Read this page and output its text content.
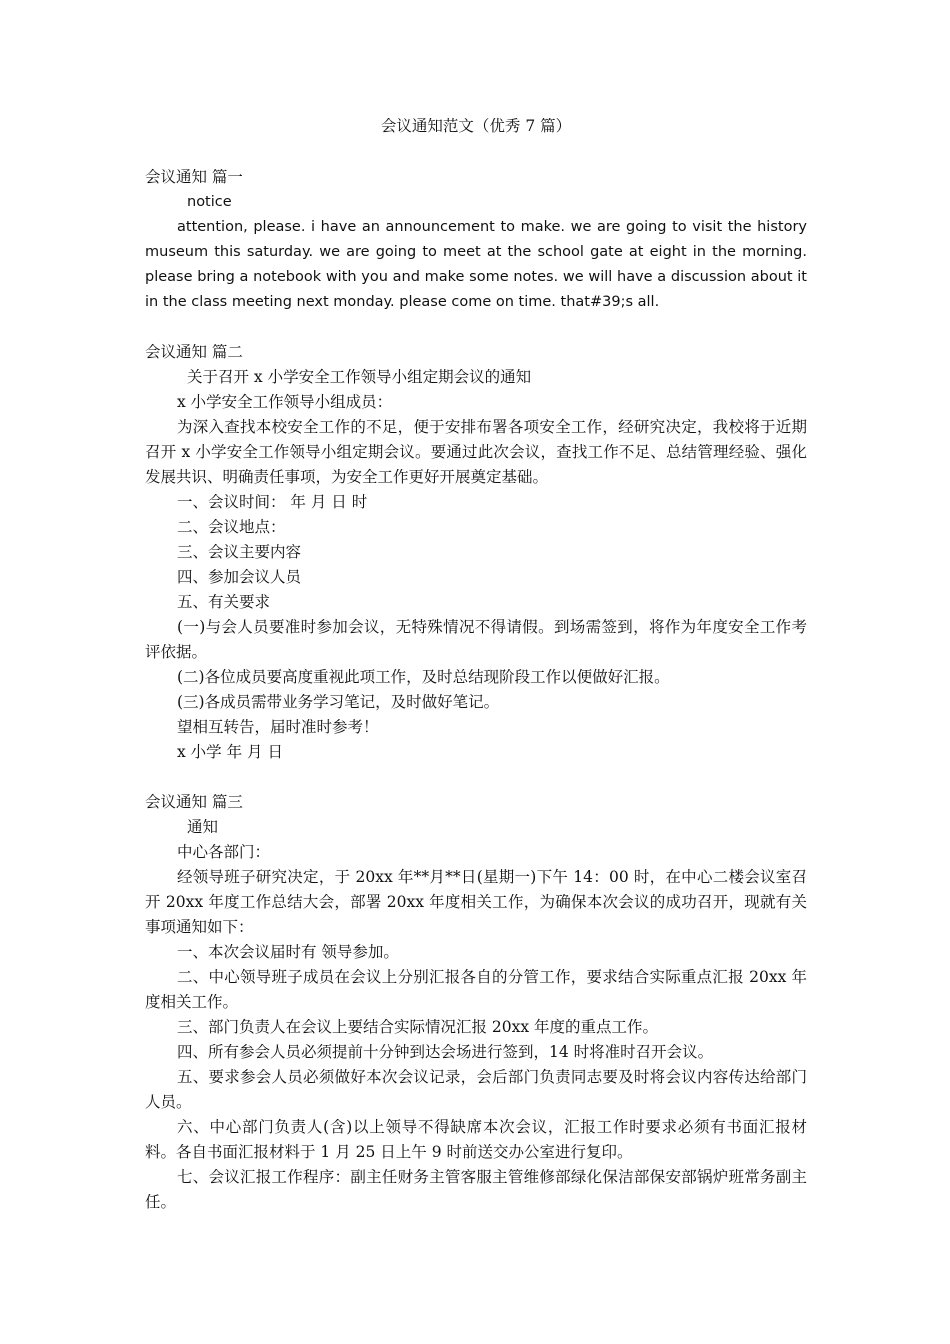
会议通知范文（优秀 7 篇）

会议通知 篇一

notice

attention, please. i have an announcement to make. we are going to visit the history museum this saturday. we are going to meet at the school gate at eight in the morning. please bring a notebook with you and make some notes. we will have a discussion about it in the class meeting next monday. please come on time. that#39;s all.

会议通知 篇二

关于召开 x 小学安全工作领导小组定期会议的通知

x 小学安全工作领导小组成员：

为深入查找本校安全工作的不足，便于安排布署各项安全工作，经研究决定，我校将于近期召开 x 小学安全工作领导小组定期会议。要通过此次会议，查找工作不足、总结管理经验、强化发展共识、明确责任事项，为安全工作更好开展奠定基础。

一、会议时间： 年 月 日 时

二、会议地点：

三、会议主要内容

四、参加会议人员

五、有关要求

(一)与会人员要准时参加会议，无特殊情况不得请假。到场需签到，将作为年度安全工作考评依据。

(二)各位成员要高度重视此项工作，及时总结现阶段工作以便做好汇报。

(三)各成员需带业务学习笔记，及时做好笔记。

望相互转告，届时准时参考！

x 小学 年 月 日

会议通知 篇三

通知

中心各部门：

经领导班子研究决定，于 20xx 年**月**日(星期一)下午 14：00 时，在中心二楼会议室召开 20xx 年度工作总结大会，部署 20xx 年度相关工作，为确保本次会议的成功召开，现就有关事项通知如下：

一、本次会议届时有 领导参加。

二、中心领导班子成员在会议上分别汇报各自的分管工作，要求结合实际重点汇报 20xx 年度相关工作。

三、部门负责人在会议上要结合实际情况汇报 20xx 年度的重点工作。

四、所有参会人员必须提前十分钟到达会场进行签到，14 时将准时召开会议。

五、要求参会人员必须做好本次会议记录，会后部门负责同志要及时将会议内容传达给部门人员。

六、中心部门负责人(含)以上领导不得缺席本次会议，汇报工作时要求必须有书面汇报材料。各自书面汇报材料于 1 月 25 日上午 9 时前送交办公室进行复印。

七、会议汇报工作程序：副主任财务主管客服主管维修部绿化保洁部保安部锅炉班常务副主任。
